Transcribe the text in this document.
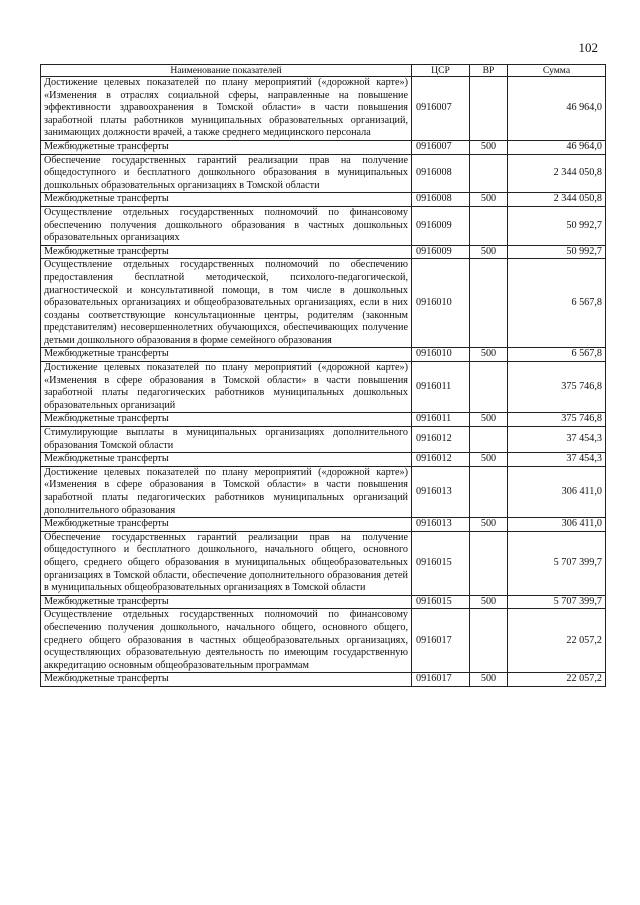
102
Наименование показателей	ЦСР	ВР	Сумма
Достижение целевых показателей по плану мероприятий («дорожной карте») «Изменения в отраслях социальной сферы, направленные на повышение эффективности здравоохранения в Томской области» в части повышения заработной платы работников муниципальных образовательных организаций, занимающих должности врачей, а также среднего медицинского персонала	0916007		46 964,0
Межбюджетные трансферты	0916007	500	46 964,0
Обеспечение государственных гарантий реализации прав на получение общедоступного и бесплатного дошкольного образования в муниципальных дошкольных образовательных организациях в Томской области	0916008		2 344 050,8
Межбюджетные трансферты	0916008	500	2 344 050,8
Осуществление отдельных государственных полномочий по финансовому обеспечению получения дошкольного образования в частных дошкольных образовательных организациях	0916009		50 992,7
Межбюджетные трансферты	0916009	500	50 992,7
Осуществление отдельных государственных полномочий по обеспечению предоставления бесплатной методической, психолого-педагогической, диагностической и консультативной помощи, в том числе в дошкольных образовательных организациях и общеобразовательных организациях, если в них созданы соответствующие консультационные центры, родителям (законным представителям) несовершеннолетних обучающихся, обеспечивающих получение детьми дошкольного образования в форме семейного образования	0916010		6 567,8
Межбюджетные трансферты	0916010	500	6 567,8
Достижение целевых показателей по плану мероприятий («дорожной карте») «Изменения в сфере образования в Томской области» в части повышения заработной платы педагогических работников муниципальных дошкольных образовательных организаций	0916011		375 746,8
Межбюджетные трансферты	0916011	500	375 746,8
Стимулирующие выплаты в муниципальных организациях дополнительного образования Томской области	0916012		37 454,3
Межбюджетные трансферты	0916012	500	37 454,3
Достижение целевых показателей по плану мероприятий («дорожной карте») «Изменения в сфере образования в Томской области» в части повышения заработной платы педагогических работников муниципальных организаций дополнительного образования	0916013		306 411,0
Межбюджетные трансферты	0916013	500	306 411,0
Обеспечение государственных гарантий реализации прав на получение общедоступного и бесплатного дошкольного, начального общего, основного общего, среднего общего образования в муниципальных общеобразовательных организациях в Томской области, обеспечение дополнительного образования детей в муниципальных общеобразовательных организациях в Томской области	0916015		5 707 399,7
Межбюджетные трансферты	0916015	500	5 707 399,7
Осуществление отдельных государственных полномочий по финансовому обеспечению получения дошкольного, начального общего, основного общего, среднего общего образования в частных общеобразовательных организациях, осуществляющих образовательную деятельность по имеющим государственную аккредитацию основным общеобразовательным программам	0916017		22 057,2
Межбюджетные трансферты	0916017	500	22 057,2
